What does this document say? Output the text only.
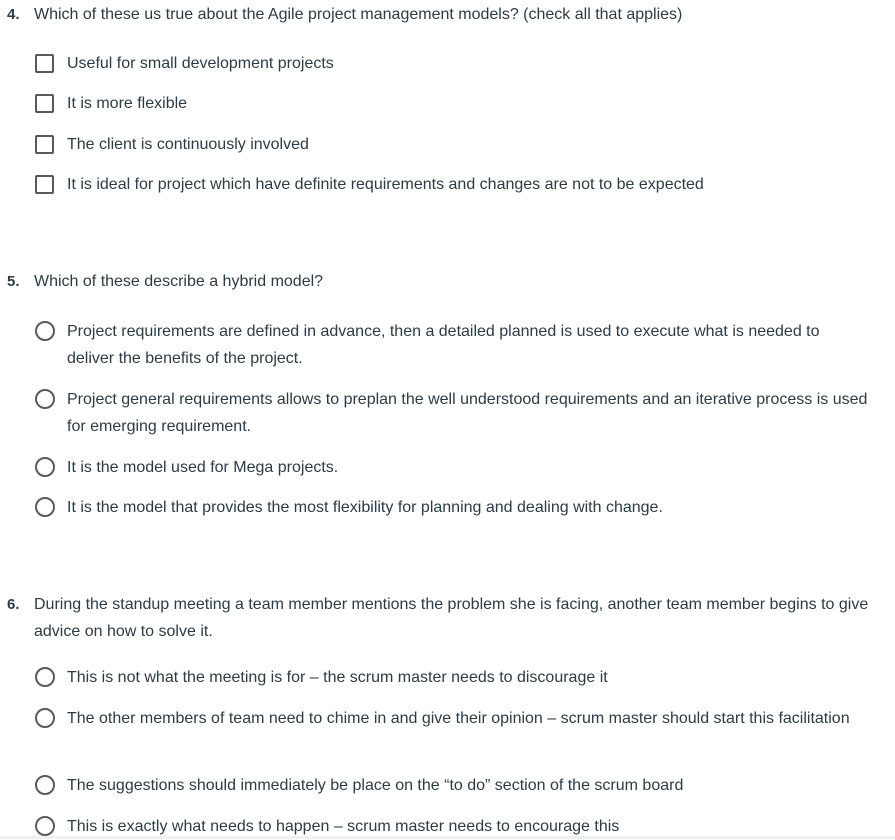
4. Which of these us true about the Agile project management models? (check all that applies)
Useful for small development projects
It is more flexible
The client is continuously involved
It is ideal for project which have definite requirements and changes are not to be expected
5. Which of these describe a hybrid model?
Project requirements are defined in advance, then a detailed planned is used to execute what is needed to deliver the benefits of the project.
Project general requirements allows to preplan the well understood requirements and an iterative process is used for emerging requirement.
It is the model used for Mega projects.
It is the model that provides the most flexibility for planning and dealing with change.
6. During the standup meeting a team member mentions the problem she is facing, another team member begins to give advice on how to solve it.
This is not what the meeting is for – the scrum master needs to discourage it
The other members of team need to chime in and give their opinion – scrum master should start this facilitation
The suggestions should immediately be place on the “to do” section of the scrum board
This is exactly what needs to happen – scrum master needs to encourage this
